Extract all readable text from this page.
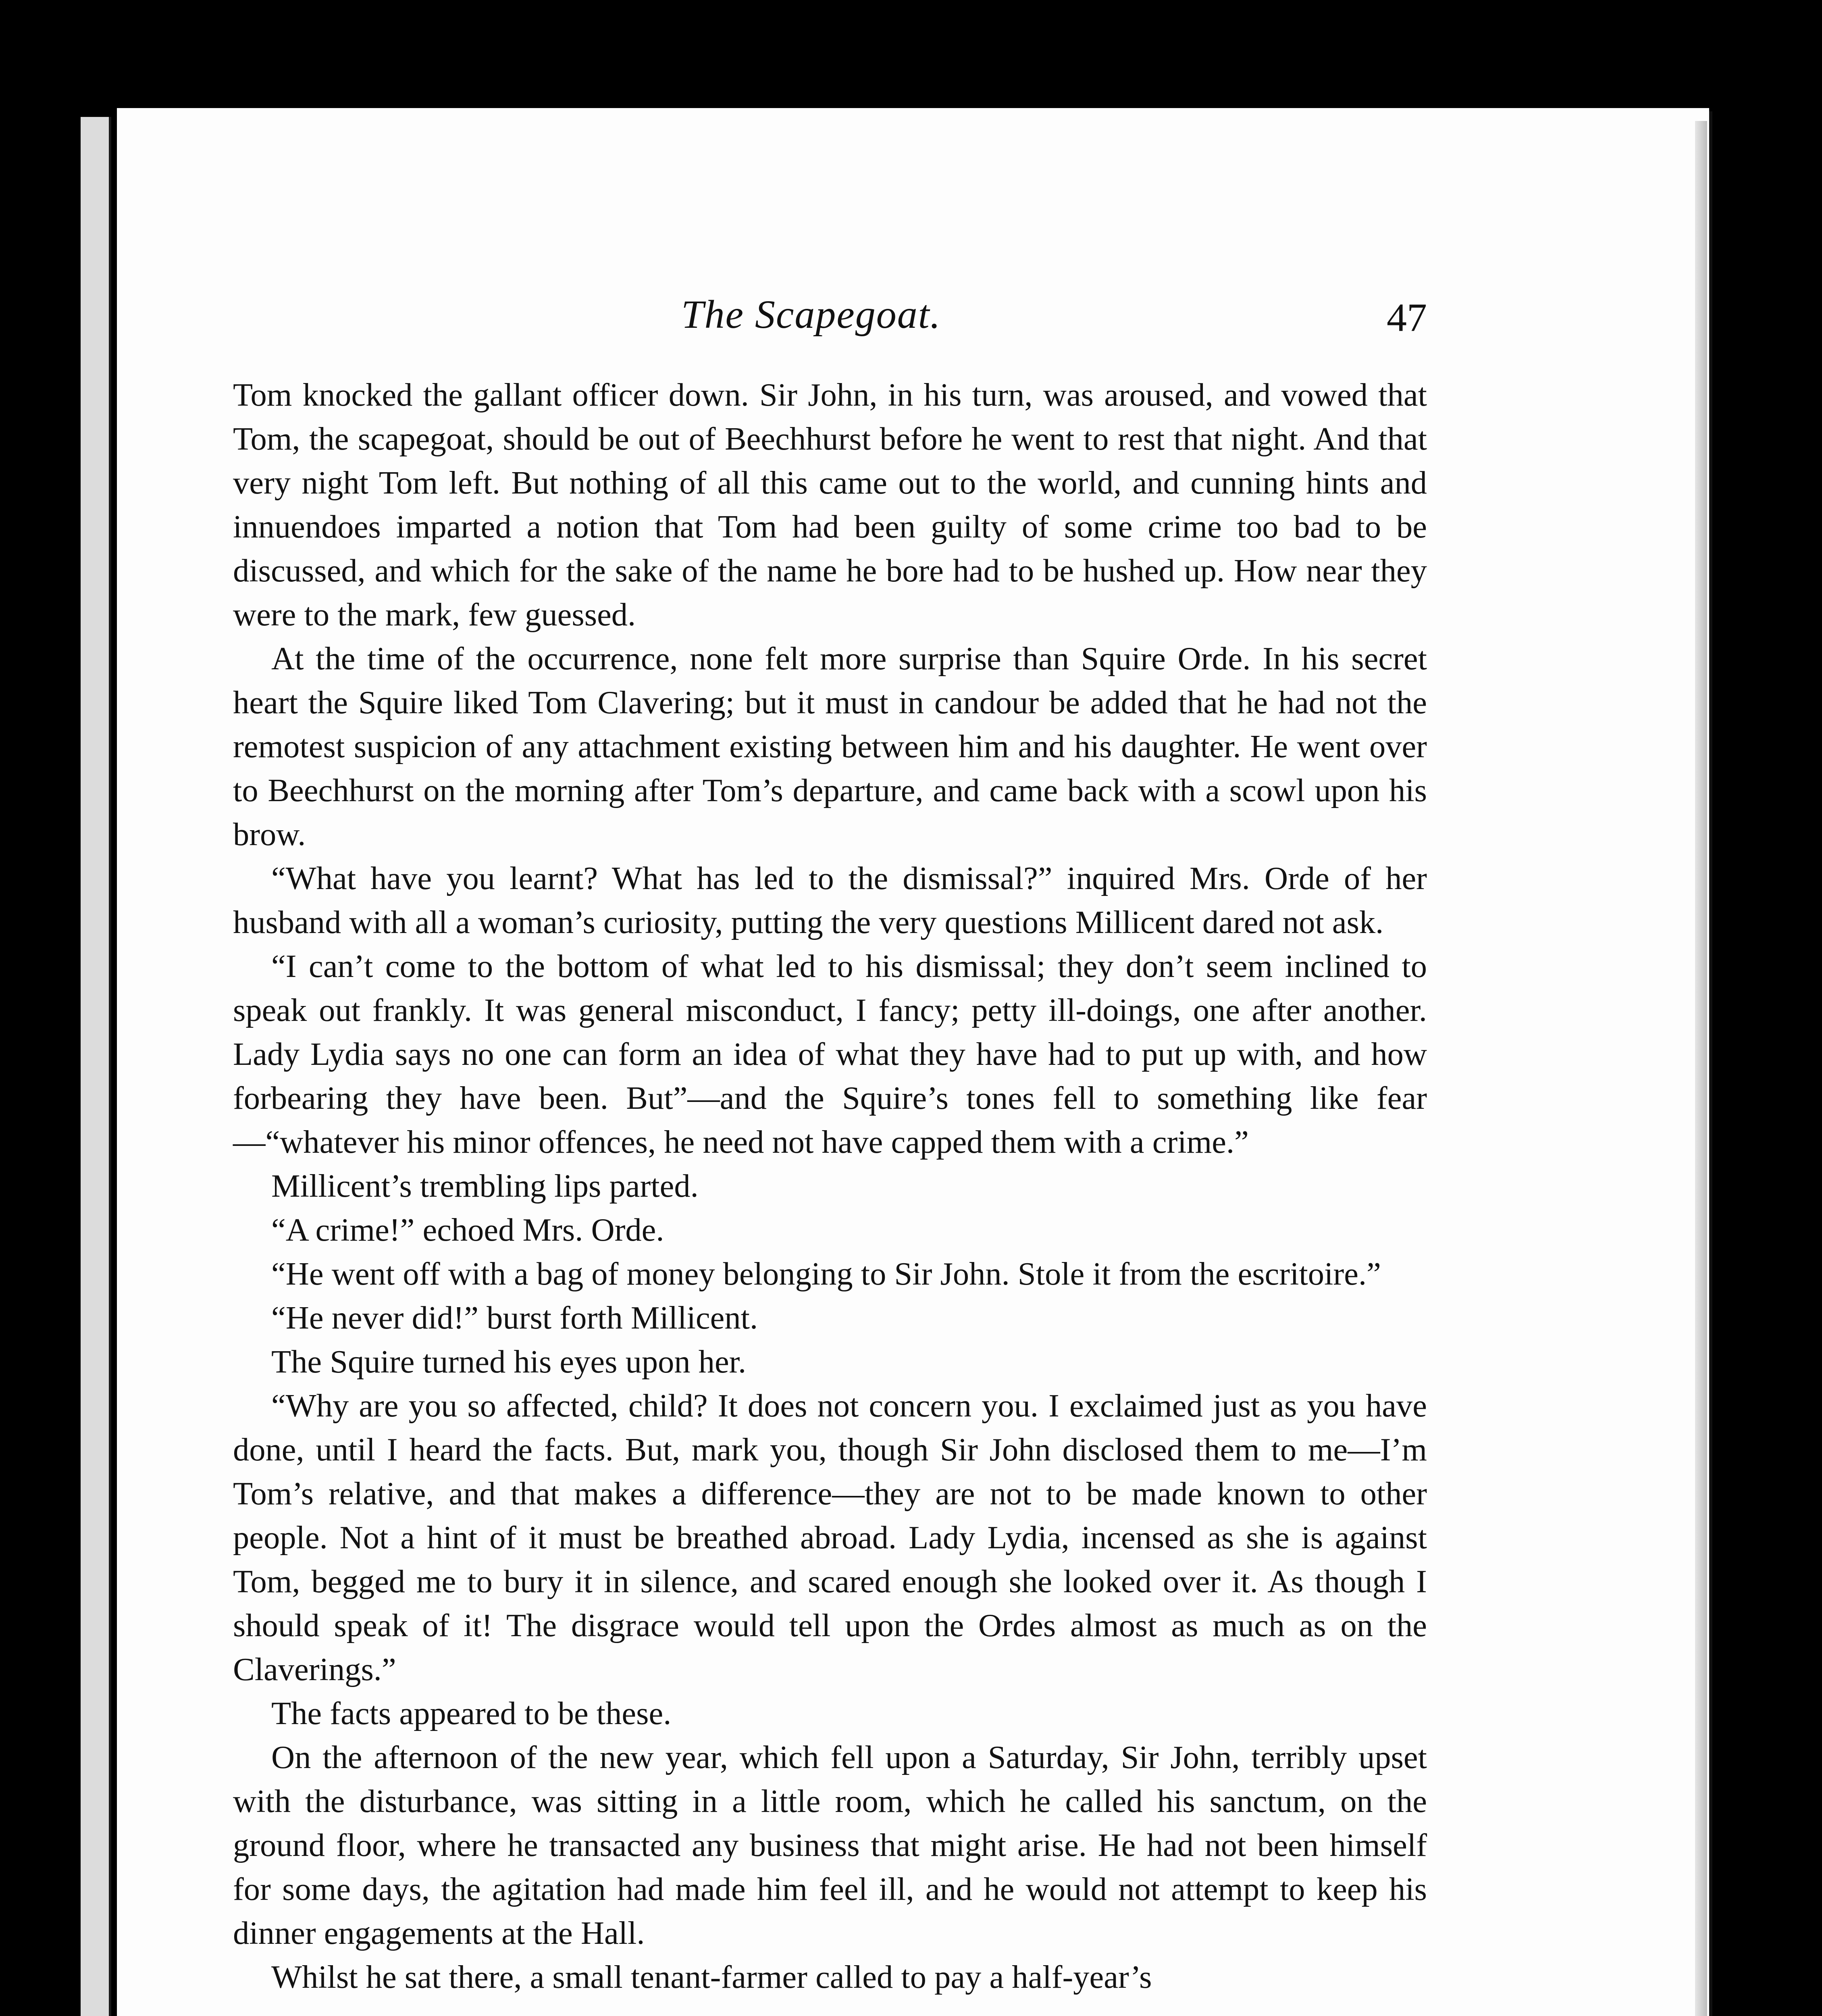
The Scapegoat.	47

Tom knocked the gallant officer down. Sir John, in his turn, was aroused, and vowed that Tom, the scapegoat, should be out of Beechhurst before he went to rest that night. And that very night Tom left. But nothing of all this came out to the world, and cunning hints and innuendoes imparted a notion that Tom had been guilty of some crime too bad to be discussed, and which for the sake of the name he bore had to be hushed up. How near they were to the mark, few guessed.

At the time of the occurrence, none felt more surprise than Squire Orde. In his secret heart the Squire liked Tom Clavering; but it must in candour be added that he had not the remotest suspicion of any attachment existing between him and his daughter. He went over to Beechhurst on the morning after Tom’s departure, and came back with a scowl upon his brow.

“What have you learnt? What has led to the dismissal?” inquired Mrs. Orde of her husband with all a woman’s curiosity, putting the very questions Millicent dared not ask.

“I can’t come to the bottom of what led to his dismissal; they don’t seem inclined to speak out frankly. It was general misconduct, I fancy; petty ill-doings, one after another. Lady Lydia says no one can form an idea of what they have had to put up with, and how forbearing they have been. But”—and the Squire’s tones fell to something like fear—“whatever his minor offences, he need not have capped them with a crime.”

Millicent’s trembling lips parted.

“A crime!” echoed Mrs. Orde.

“He went off with a bag of money belonging to Sir John. Stole it from the escritoire.”

“He never did!” burst forth Millicent.

The Squire turned his eyes upon her.

“Why are you so affected, child? It does not concern you. I exclaimed just as you have done, until I heard the facts. But, mark you, though Sir John disclosed them to me—I’m Tom’s relative, and that makes a difference—they are not to be made known to other people. Not a hint of it must be breathed abroad. Lady Lydia, incensed as she is against Tom, begged me to bury it in silence, and scared enough she looked over it. As though I should speak of it! The disgrace would tell upon the Ordes almost as much as on the Claverings.”

The facts appeared to be these.

On the afternoon of the new year, which fell upon a Saturday, Sir John, terribly upset with the disturbance, was sitting in a little room, which he called his sanctum, on the ground floor, where he transacted any business that might arise. He had not been himself for some days, the agitation had made him feel ill, and he would not attempt to keep his dinner engagements at the Hall.

Whilst he sat there, a small tenant-farmer called to pay a half-year’s
